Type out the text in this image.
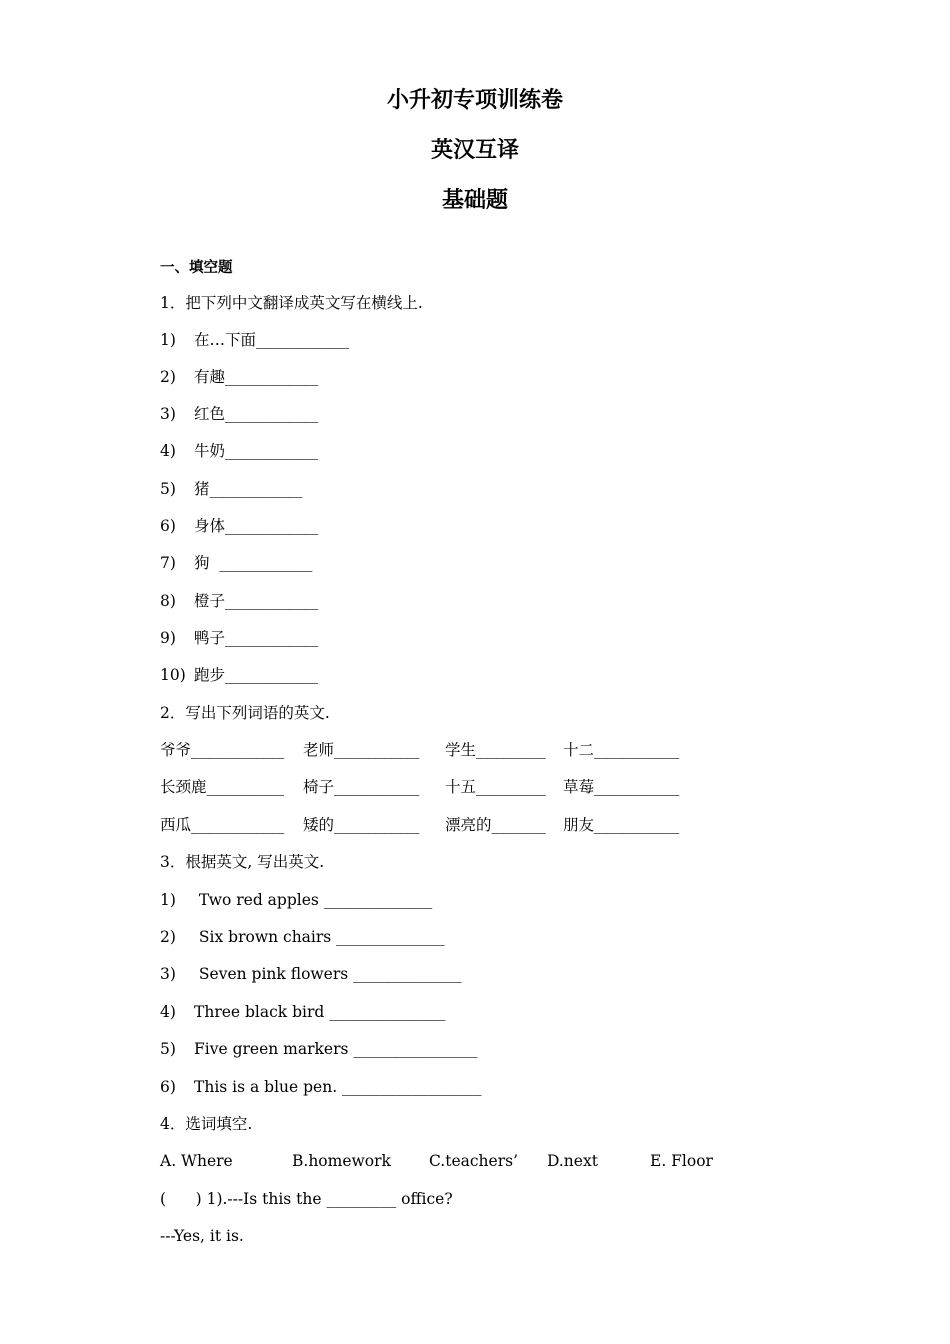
小升初专项训练卷
英汉互译
基础题
一、填空题
1．把下列中文翻译成英文写在横线上.
1) 在…下面____________
2) 有趣____________
3) 红色____________
4) 牛奶____________
5) 猪____________
6) 身体____________
7) 狗  ____________
8) 橙子____________
9) 鸭子____________
10) 跑步____________
2．写出下列词语的英文.
爷爷____________ 老师___________ 学生_________ 十二___________
长颈鹿__________ 椅子___________ 十五_________ 草莓___________
西瓜____________ 矮的___________ 漂亮的_______ 朋友___________
3．根据英文, 写出英文.
1) Two red apples ______________
2) Six brown chairs ______________
3) Seven pink flowers ______________
4) Three black bird _______________
5) Five green markers ________________
6) This is a blue pen. __________________
4．选词填空.
A. Where	B.homework C.teachers’ D.next	E. Floor
(      ) 1).---Is this the _________ office?
---Yes, it is.
